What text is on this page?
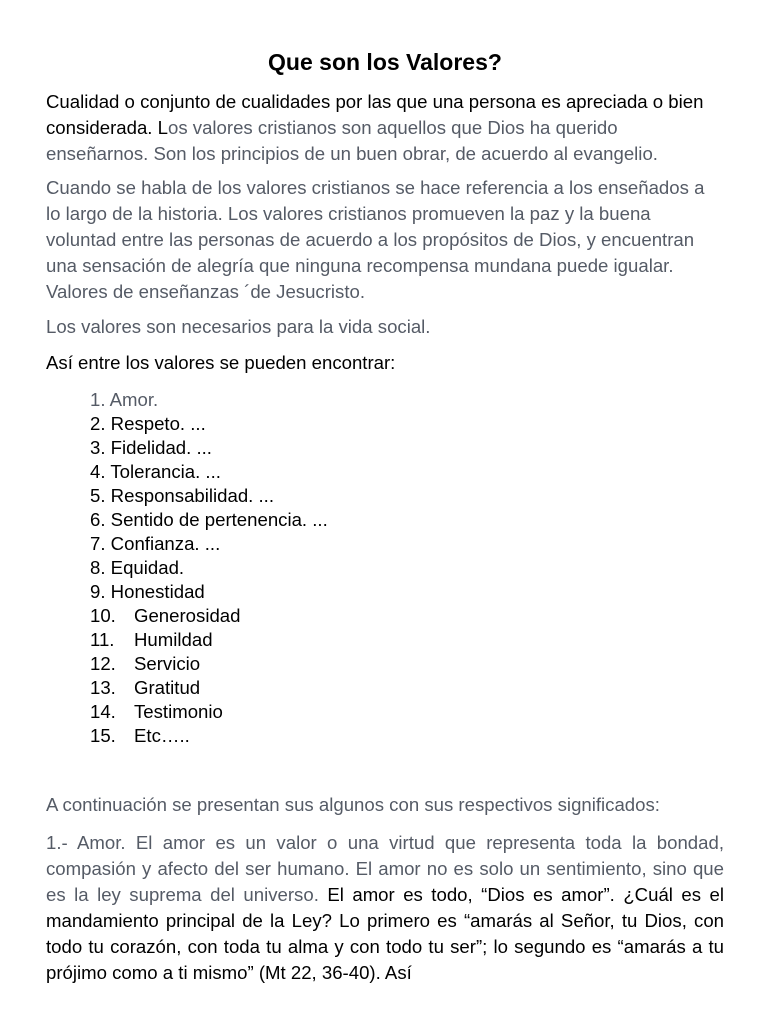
Que son los Valores?
Cualidad o conjunto de cualidades por las que una persona es apreciada o bien considerada. Los valores cristianos son aquellos que Dios ha querido enseñarnos. Son los principios de un buen obrar, de acuerdo al evangelio.
Cuando se habla de los valores cristianos se hace referencia a los enseñados a lo largo de la historia. Los valores cristianos promueven la paz y la buena voluntad entre las personas de acuerdo a los propósitos de Dios, y encuentran una sensación de alegría que ninguna recompensa mundana puede igualar. Valores de enseñanzas ´de Jesucristo.
Los valores son necesarios para la vida social.
Así entre los valores se pueden encontrar:
1. Amor.
2. Respeto. ...
3. Fidelidad. ...
4. Tolerancia. ...
5. Responsabilidad. ...
6. Sentido de pertenencia. ...
7. Confianza. ...
8. Equidad.
9. Honestidad
10. Generosidad
11. Humildad
12. Servicio
13. Gratitud
14. Testimonio
15. Etc…..
A continuación se presentan sus algunos con sus respectivos significados:
1.- Amor. El amor es un valor o una virtud que representa toda la bondad, compasión y afecto del ser humano. El amor no es solo un sentimiento, sino que es la ley suprema del universo. El amor es todo, “Dios es amor”. ¿Cuál es el mandamiento principal de la Ley? Lo primero es “amarás al Señor, tu Dios, con todo tu corazón, con toda tu alma y con todo tu ser”; lo segundo es “amarás a tu prójimo como a ti mismo” (Mt 22, 36-40). Así
